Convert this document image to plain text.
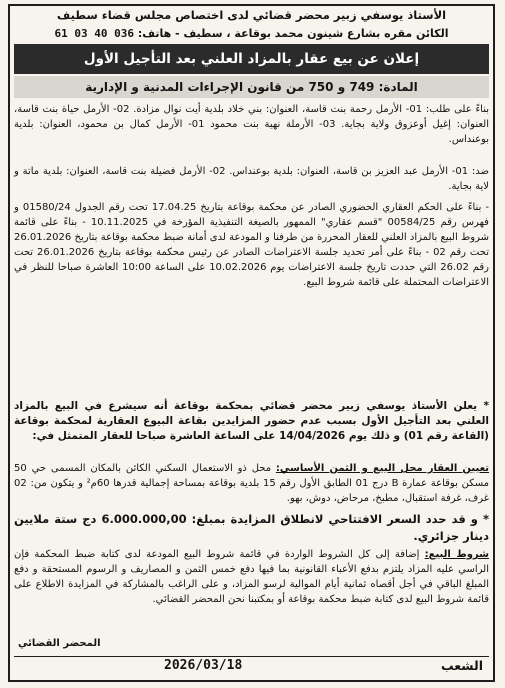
الأستاذ يوسفي زبير محضر قضائي لدى اختصاص مجلس قضاء سطيف
الكائن مقره بشارع شينون محمد بوقاعة ، سطيف - هاتف: 036 40 03 61
إعلان عن بيع عقار بالمزاد العلني بعد التأجيل الأول
المادة: 749 و 750 من قانون الإجراءات المدنية و الإدارية
بناءً على طلب: 01- الأرمل رحمة بنت قاسة، العنوان: بني خلاد بلدية أيت نوال مزادة. 02- الأرمل حياة بنت قاسة، العنوان: إغيل أوعزوق ولاية بجاية. 03- الأرملة نهية بنت محمود 01- الأرمل كمال بن محمود، العنوان: بلدية بوعنداس.
ضد: 01- الأرمل عبد العزيز بن قاسة، العنوان: بلدية بوعنداس. 02- الأرمل فضيلة بنت قاسة، العنوان: بلدية ماتة و لاية بجاية.
- بناءً على الحكم العقاري الحضوري الصادر عن محكمة بوقاعة بتاريخ 17.04.25 تحت رقم الجدول 01580/24 و فهرس رقم 00584/25 "قسم عقاري" الممهور بالصيغة التنفيذية المؤرخة في 10.11.2025 - بناءً على قائمة شروط البيع بالمزاد العلني للعقار المحررة من طرفنا و المودعة لدى أمانة ضبط محكمة بوقاعة بتاريخ 26.01.2026 تحت رقم 02 - بناءً على أمر تحديد جلسة الاعتراضات الصادر عن رئيس محكمة بوقاعة بتاريخ 26.01.2026 تحت رقم 26.02 التي حددت تاريخ جلسة الاعتراضات يوم 10.02.2026 على الساعة 10:00 العاشرة صباحا للنظر في الاعتراضات المحتملة على قائمة شروط البيع.
* يعلن الأستاذ يوسفي زبير محضر قضائي بمحكمة بوقاعة أنه سيشرع في البيع بالمزاد العلني بعد التأجيل الأول بسبب عدم حضور المزايدين بقاعة البيوع العقارية لمحكمة بوقاعة (القاعة رقم 01) و ذلك يوم 14/04/2026 على الساعة العاشرة صباحا للعقار المتمثل في:
تعيين العقار محل البيع و الثمن الأساسي: محل ذو الاستعمال السكني الكائن بالمكان المسمى حي 50 مسكن بوقاعة عمارة B درج 01 الطابق الأول رقم 15 بلدية بوقاعة بمساحة إجمالية قدرها 60م² و يتكون من: 02 غرف، غرفة استقبال، مطبخ، مرحاض، دوش، بهو.
* و قد حدد السعر الافتتاحي لانطلاق المزايدة بمبلغ: 6.000.000,00 دج ستة ملايين دينار جزائري.
شروط البيع: إضافة إلى كل الشروط الواردة في قائمة شروط البيع المودعة لدى كتابة ضبط المحكمة فإن الراسي عليه المزاد يلتزم بدفع الأعباء القانونية بما فيها دفع خمس الثمن و المصاريف و الرسوم المستحقة و دفع المبلغ الباقي في أجل أقصاه ثمانية أيام الموالية لرسو المزاد، و على الراغب بالمشاركة في المزايدة الاطلاع على قائمة شروط البيع لدى كتابة ضبط محكمة بوقاعة أو بمكتبنا نحن المحضر القضائي.
المحضر القضائي
الشعب
2026/03/18
